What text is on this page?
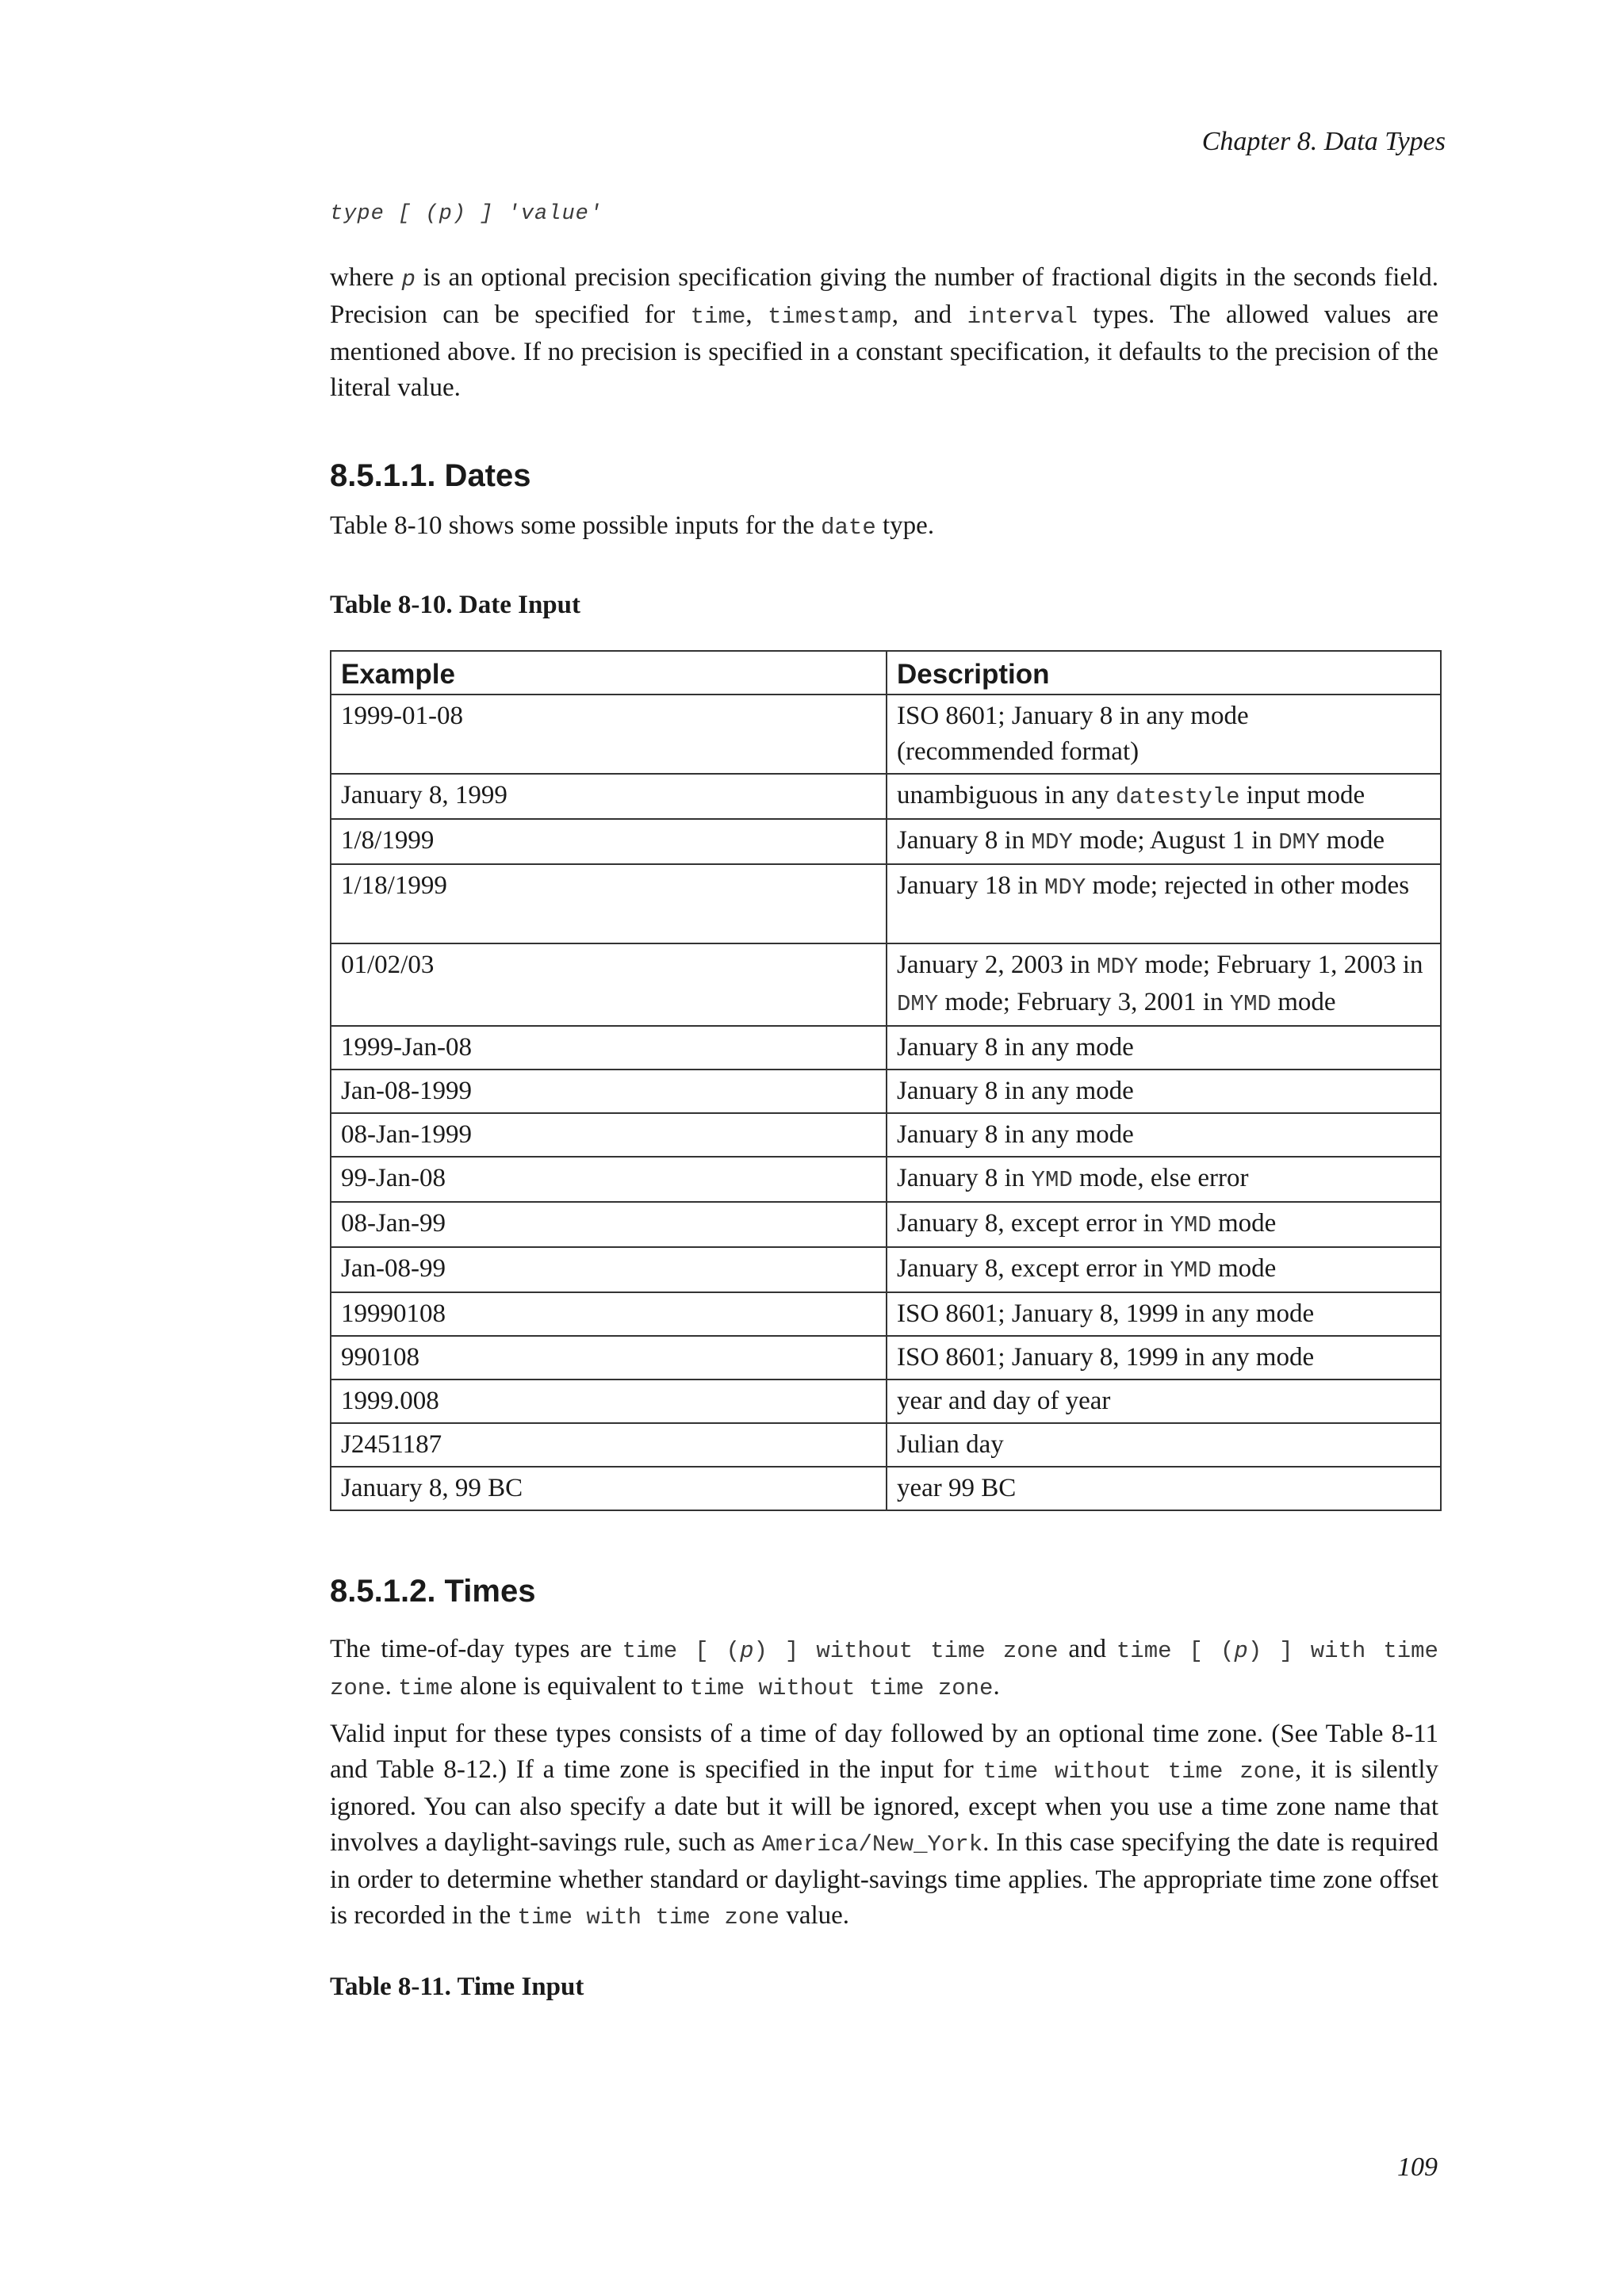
Chapter 8. Data Types
type [ (p) ] 'value'

where p is an optional precision specification giving the number of fractional digits in the seconds field. Precision can be specified for time, timestamp, and interval types. The allowed values are mentioned above. If no precision is specified in a constant specification, it defaults to the precision of the literal value.

8.5.1.1. Dates
Table 8-10 shows some possible inputs for the date type.
Table 8-10. Date Input
Example	Description
1999-01-08	ISO 8601; January 8 in any mode
(recommended format)
January 8, 1999	unambiguous in any datestyle input mode
1/8/1999	January 8 in MDY mode; August 1 in DMY mode
1/18/1999	January 18 in MDY mode; rejected in other modes
01/02/03	January 2, 2003 in MDY mode; February 1, 2003 in DMY mode; February 3, 2001 in YMD mode
1999-Jan-08	January 8 in any mode
Jan-08-1999	January 8 in any mode
08-Jan-1999	January 8 in any mode
99-Jan-08	January 8 in YMD mode, else error
08-Jan-99	January 8, except error in YMD mode
Jan-08-99	January 8, except error in YMD mode
19990108	ISO 8601; January 8, 1999 in any mode
990108	ISO 8601; January 8, 1999 in any mode
1999.008	year and day of year
J2451187	Julian day
January 8, 99 BC	year 99 BC
8.5.1.2. Times

The time-of-day types are time [ (p) ] without time zone and time [ (p) ] with time zone. time alone is equivalent to time without time zone.

Valid input for these types consists of a time of day followed by an optional time zone. (See Table 8-11 and Table 8-12.) If a time zone is specified in the input for time without time zone, it is silently ignored. You can also specify a date but it will be ignored, except when you use a time zone name that involves a daylight-savings rule, such as America/New_York. In this case specifying the date is required in order to determine whether standard or daylight-savings time applies. The appropriate time zone offset is recorded in the time with time zone value.

Table 8-11. Time Input
109
